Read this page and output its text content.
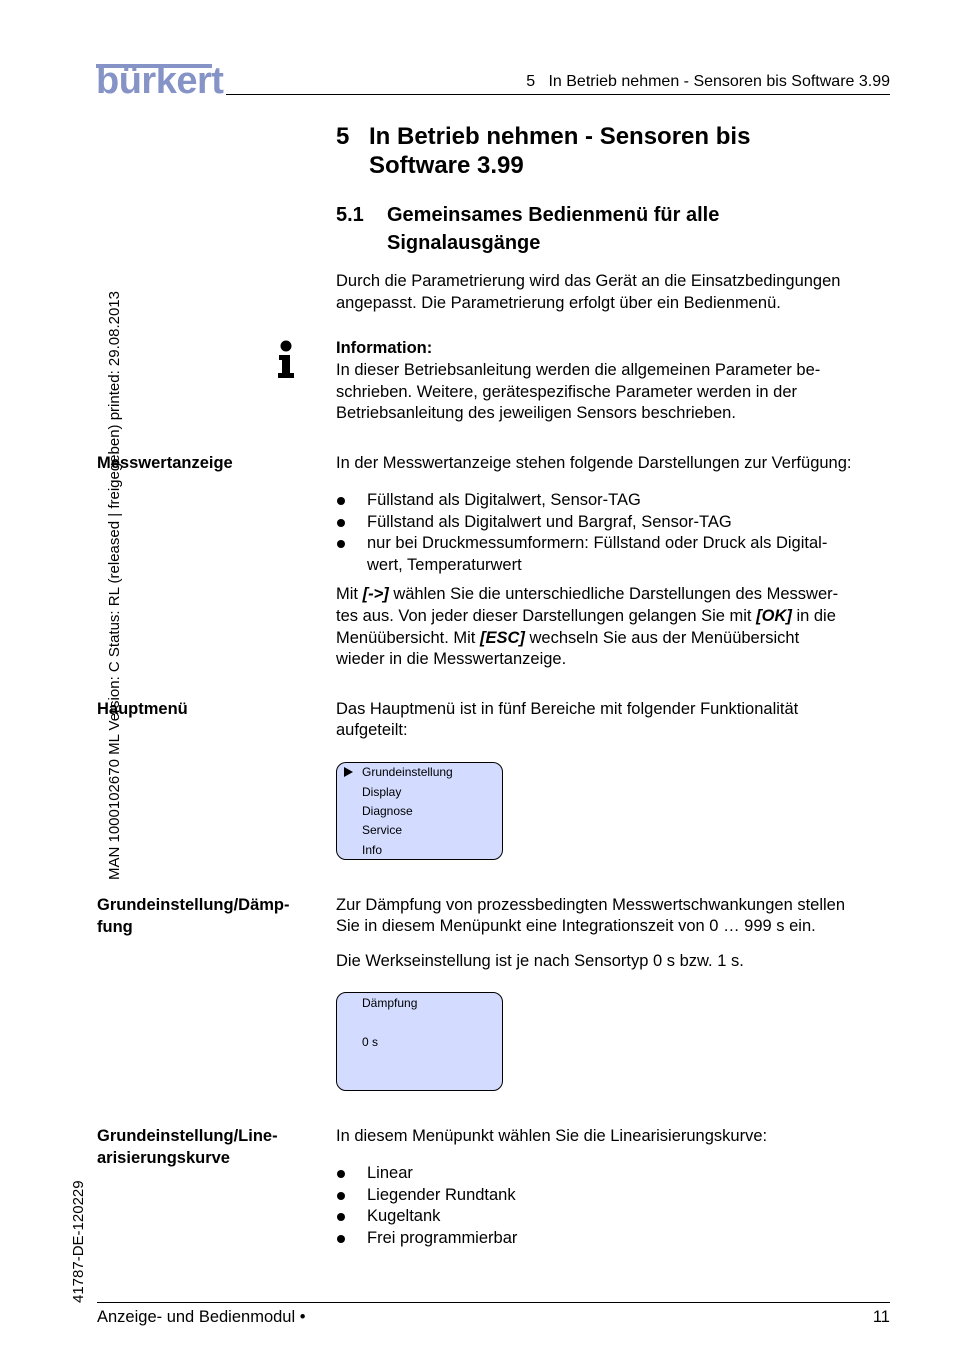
bürkert	5   In Betrieb nehmen - Sensoren bis Software 3.99
MAN 1000102670 ML Version: C Status: RL (released | freigegeben) printed: 29.08.2013
41787-DE-120229
5 In Betrieb nehmen - Sensoren bis
Software 3.99
5.1 Gemeinsames Bedienmenü für alle
Signalausgänge

Durch die Parametrierung wird das Gerät an die Einsatzbedingungen angepasst. Die Parametrierung erfolgt über ein Bedienmenü.

Information:
In dieser Betriebsanleitung werden die allgemeinen Parameter be-
schrieben. Weitere, gerätespezifische Parameter werden in der
Betriebsanleitung des jeweiligen Sensors beschrieben.
Messwertanzeige	In der Messwertanzeige stehen folgende Darstellungen zur Verfügung:
Füllstand als Digitalwert, Sensor-TAG
Füllstand als Digitalwert und Bargraf, Sensor-TAG
nur bei Druckmessumformern: Füllstand oder Druck als Digital-
wert, Temperaturwert
Mit [->] wählen Sie die unterschiedliche Darstellungen des Messwer-
tes aus. Von jeder dieser Darstellungen gelangen Sie mit [OK] in die
Menüübersicht. Mit [ESC] wechseln Sie aus der Menüübersicht
wieder in die Messwertanzeige.
Hauptmenü	Das Hauptmenü ist in fünf Bereiche mit folgender Funktionalität
aufgeteilt:
Grundeinstellung
Display
Diagnose
Service
Info
Grundeinstellung/Dämp-
fung
Zur Dämpfung von prozessbedingten Messwertschwankungen stellen
Sie in diesem Menüpunkt eine Integrationszeit von 0 … 999 s ein.
Die Werkseinstellung ist je nach Sensortyp 0 s bzw. 1 s.
Dämpfung
0 s
Grundeinstellung/Line-
arisierungskurve
In diesem Menüpunkt wählen Sie die Linearisierungskurve:
Linear
Liegender Rundtank
Kugeltank
Frei programmierbar
Anzeige- und Bedienmodul •	11
